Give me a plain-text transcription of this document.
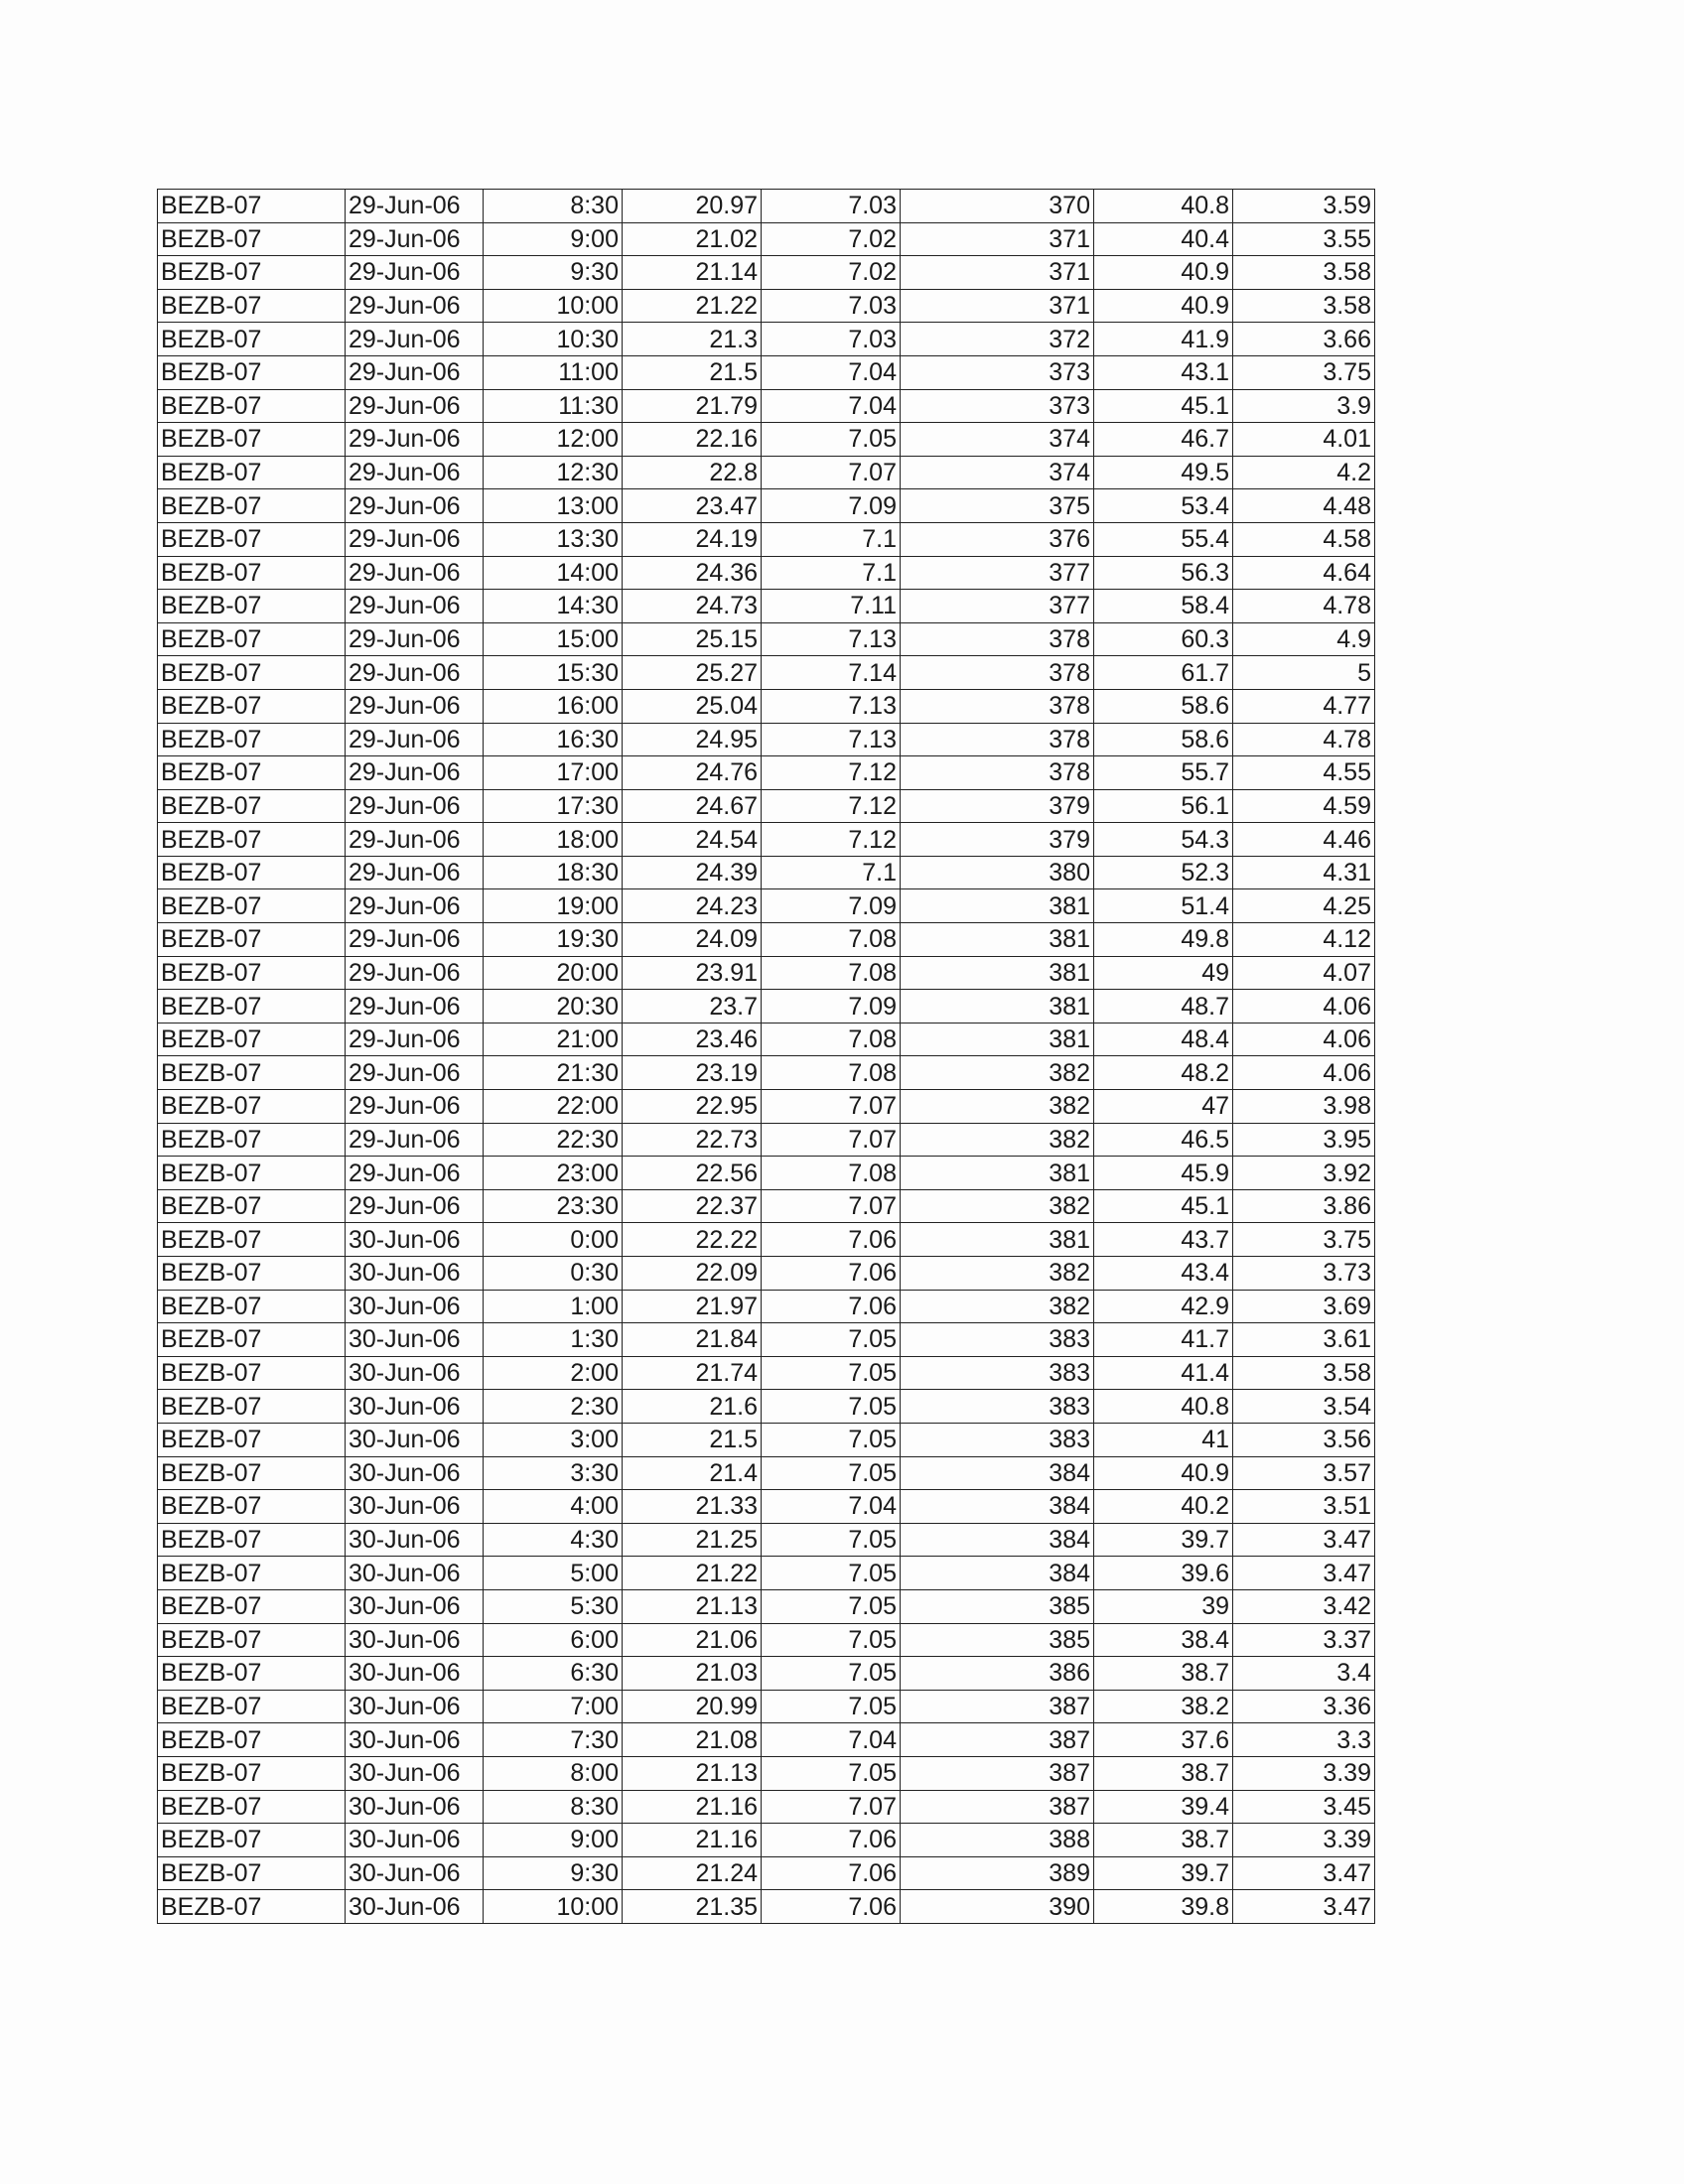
BEZB-07	29-Jun-06	8:30	20.97	7.03	370	40.8	3.59
BEZB-07	29-Jun-06	9:00	21.02	7.02	371	40.4	3.55
BEZB-07	29-Jun-06	9:30	21.14	7.02	371	40.9	3.58
BEZB-07	29-Jun-06	10:00	21.22	7.03	371	40.9	3.58
BEZB-07	29-Jun-06	10:30	21.3	7.03	372	41.9	3.66
BEZB-07	29-Jun-06	11:00	21.5	7.04	373	43.1	3.75
BEZB-07	29-Jun-06	11:30	21.79	7.04	373	45.1	3.9
BEZB-07	29-Jun-06	12:00	22.16	7.05	374	46.7	4.01
BEZB-07	29-Jun-06	12:30	22.8	7.07	374	49.5	4.2
BEZB-07	29-Jun-06	13:00	23.47	7.09	375	53.4	4.48
BEZB-07	29-Jun-06	13:30	24.19	7.1	376	55.4	4.58
BEZB-07	29-Jun-06	14:00	24.36	7.1	377	56.3	4.64
BEZB-07	29-Jun-06	14:30	24.73	7.11	377	58.4	4.78
BEZB-07	29-Jun-06	15:00	25.15	7.13	378	60.3	4.9
BEZB-07	29-Jun-06	15:30	25.27	7.14	378	61.7	5
BEZB-07	29-Jun-06	16:00	25.04	7.13	378	58.6	4.77
BEZB-07	29-Jun-06	16:30	24.95	7.13	378	58.6	4.78
BEZB-07	29-Jun-06	17:00	24.76	7.12	378	55.7	4.55
BEZB-07	29-Jun-06	17:30	24.67	7.12	379	56.1	4.59
BEZB-07	29-Jun-06	18:00	24.54	7.12	379	54.3	4.46
BEZB-07	29-Jun-06	18:30	24.39	7.1	380	52.3	4.31
BEZB-07	29-Jun-06	19:00	24.23	7.09	381	51.4	4.25
BEZB-07	29-Jun-06	19:30	24.09	7.08	381	49.8	4.12
BEZB-07	29-Jun-06	20:00	23.91	7.08	381	49	4.07
BEZB-07	29-Jun-06	20:30	23.7	7.09	381	48.7	4.06
BEZB-07	29-Jun-06	21:00	23.46	7.08	381	48.4	4.06
BEZB-07	29-Jun-06	21:30	23.19	7.08	382	48.2	4.06
BEZB-07	29-Jun-06	22:00	22.95	7.07	382	47	3.98
BEZB-07	29-Jun-06	22:30	22.73	7.07	382	46.5	3.95
BEZB-07	29-Jun-06	23:00	22.56	7.08	381	45.9	3.92
BEZB-07	29-Jun-06	23:30	22.37	7.07	382	45.1	3.86
BEZB-07	30-Jun-06	0:00	22.22	7.06	381	43.7	3.75
BEZB-07	30-Jun-06	0:30	22.09	7.06	382	43.4	3.73
BEZB-07	30-Jun-06	1:00	21.97	7.06	382	42.9	3.69
BEZB-07	30-Jun-06	1:30	21.84	7.05	383	41.7	3.61
BEZB-07	30-Jun-06	2:00	21.74	7.05	383	41.4	3.58
BEZB-07	30-Jun-06	2:30	21.6	7.05	383	40.8	3.54
BEZB-07	30-Jun-06	3:00	21.5	7.05	383	41	3.56
BEZB-07	30-Jun-06	3:30	21.4	7.05	384	40.9	3.57
BEZB-07	30-Jun-06	4:00	21.33	7.04	384	40.2	3.51
BEZB-07	30-Jun-06	4:30	21.25	7.05	384	39.7	3.47
BEZB-07	30-Jun-06	5:00	21.22	7.05	384	39.6	3.47
BEZB-07	30-Jun-06	5:30	21.13	7.05	385	39	3.42
BEZB-07	30-Jun-06	6:00	21.06	7.05	385	38.4	3.37
BEZB-07	30-Jun-06	6:30	21.03	7.05	386	38.7	3.4
BEZB-07	30-Jun-06	7:00	20.99	7.05	387	38.2	3.36
BEZB-07	30-Jun-06	7:30	21.08	7.04	387	37.6	3.3
BEZB-07	30-Jun-06	8:00	21.13	7.05	387	38.7	3.39
BEZB-07	30-Jun-06	8:30	21.16	7.07	387	39.4	3.45
BEZB-07	30-Jun-06	9:00	21.16	7.06	388	38.7	3.39
BEZB-07	30-Jun-06	9:30	21.24	7.06	389	39.7	3.47
BEZB-07	30-Jun-06	10:00	21.35	7.06	390	39.8	3.47
